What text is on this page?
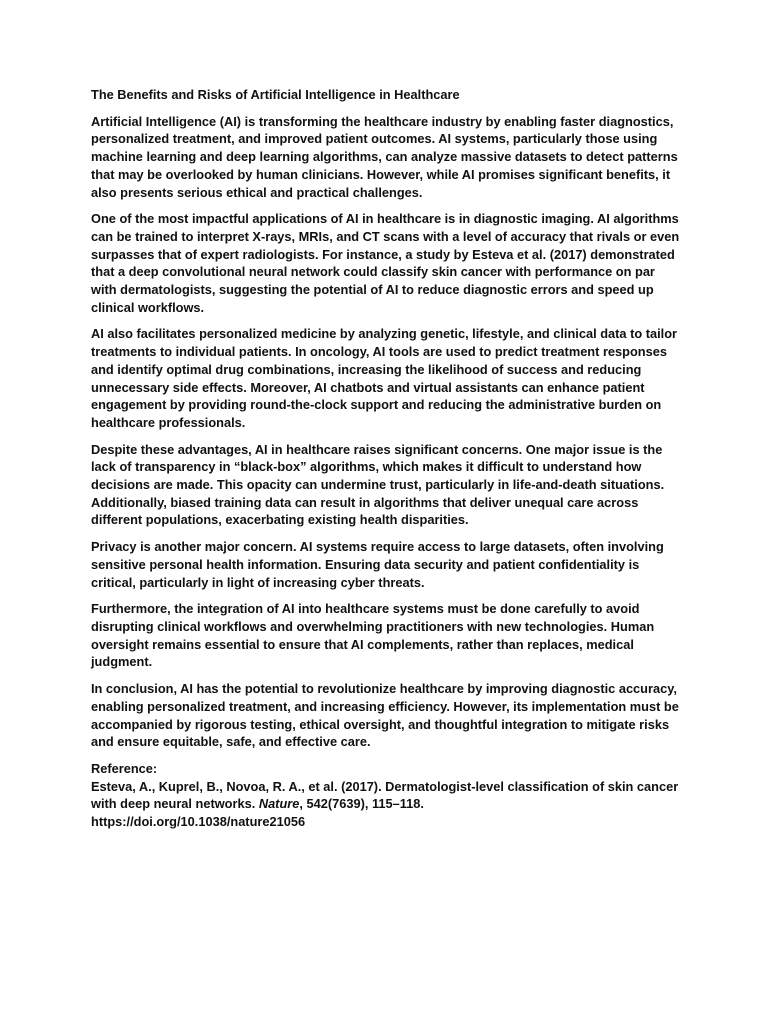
The Benefits and Risks of Artificial Intelligence in Healthcare

Artificial Intelligence (AI) is transforming the healthcare industry by enabling faster diagnostics, personalized treatment, and improved patient outcomes. AI systems, particularly those using machine learning and deep learning algorithms, can analyze massive datasets to detect patterns that may be overlooked by human clinicians. However, while AI promises significant benefits, it also presents serious ethical and practical challenges.

One of the most impactful applications of AI in healthcare is in diagnostic imaging. AI algorithms can be trained to interpret X-rays, MRIs, and CT scans with a level of accuracy that rivals or even surpasses that of expert radiologists. For instance, a study by Esteva et al. (2017) demonstrated that a deep convolutional neural network could classify skin cancer with performance on par with dermatologists, suggesting the potential of AI to reduce diagnostic errors and speed up clinical workflows.

AI also facilitates personalized medicine by analyzing genetic, lifestyle, and clinical data to tailor treatments to individual patients. In oncology, AI tools are used to predict treatment responses and identify optimal drug combinations, increasing the likelihood of success and reducing unnecessary side effects. Moreover, AI chatbots and virtual assistants can enhance patient engagement by providing round-the-clock support and reducing the administrative burden on healthcare professionals.

Despite these advantages, AI in healthcare raises significant concerns. One major issue is the lack of transparency in “black-box” algorithms, which makes it difficult to understand how decisions are made. This opacity can undermine trust, particularly in life-and-death situations. Additionally, biased training data can result in algorithms that deliver unequal care across different populations, exacerbating existing health disparities.

Privacy is another major concern. AI systems require access to large datasets, often involving sensitive personal health information. Ensuring data security and patient confidentiality is critical, particularly in light of increasing cyber threats.

Furthermore, the integration of AI into healthcare systems must be done carefully to avoid disrupting clinical workflows and overwhelming practitioners with new technologies. Human oversight remains essential to ensure that AI complements, rather than replaces, medical judgment.

In conclusion, AI has the potential to revolutionize healthcare by improving diagnostic accuracy, enabling personalized treatment, and increasing efficiency. However, its implementation must be accompanied by rigorous testing, ethical oversight, and thoughtful integration to mitigate risks and ensure equitable, safe, and effective care.

Reference:
Esteva, A., Kuprel, B., Novoa, R. A., et al. (2017). Dermatologist-level classification of skin cancer with deep neural networks. Nature, 542(7639), 115–118.
https://doi.org/10.1038/nature21056
